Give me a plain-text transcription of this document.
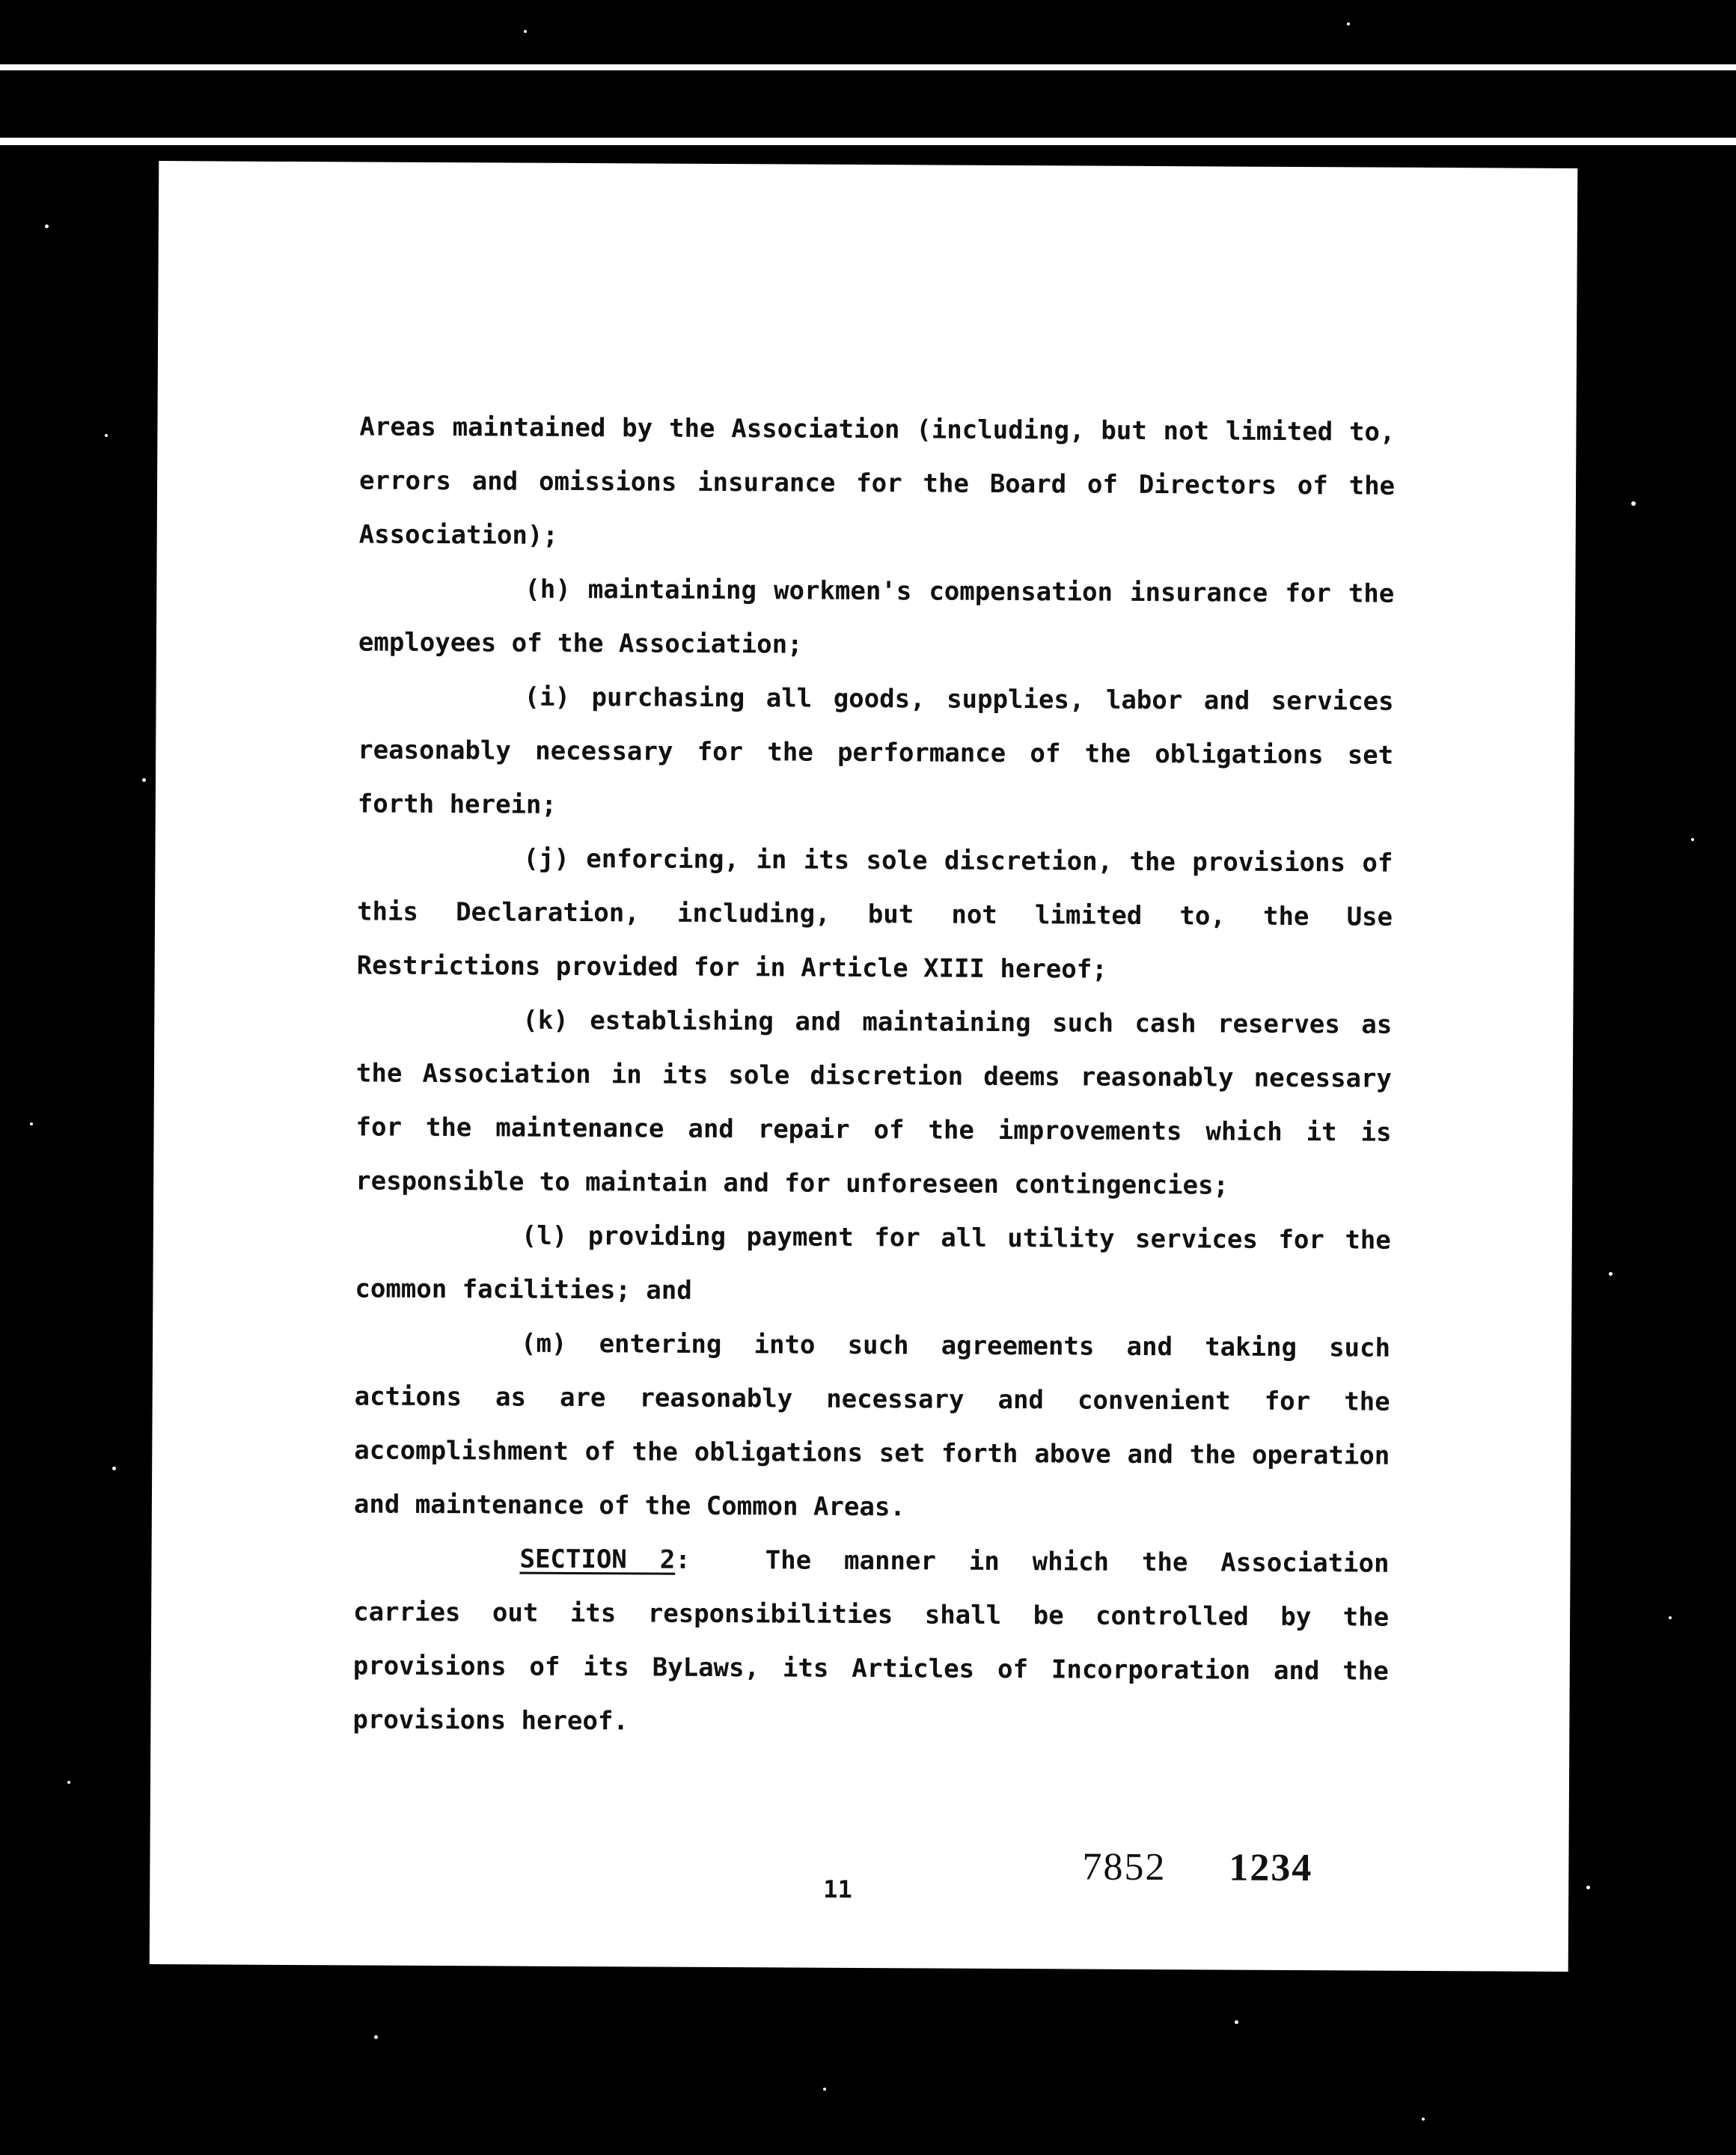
Areas maintained by the Association (including, but not limited to, errors and omissions insurance for the Board of Directors of the Association);

(h) maintaining workmen's compensation insurance for the employees of the Association;

(i) purchasing all goods, supplies, labor and services reasonably necessary for the performance of the obligations set forth herein;

(j) enforcing, in its sole discretion, the provisions of this Declaration, including, but not limited to, the Use Restrictions provided for in Article XIII hereof;

(k) establishing and maintaining such cash reserves as the Association in its sole discretion deems reasonably necessary for the maintenance and repair of the improvements which it is responsible to maintain and for unforeseen contingencies;

(l) providing payment for all utility services for the common facilities; and

(m) entering into such agreements and taking such actions as are reasonably necessary and convenient for the accomplishment of the obligations set forth above and the operation and maintenance of the Common Areas.

SECTION 2:	The manner in which the Association carries out its responsibilities shall be controlled by the provisions of its ByLaws, its Articles of Incorporation and the provisions hereof.

11
7852 1234
